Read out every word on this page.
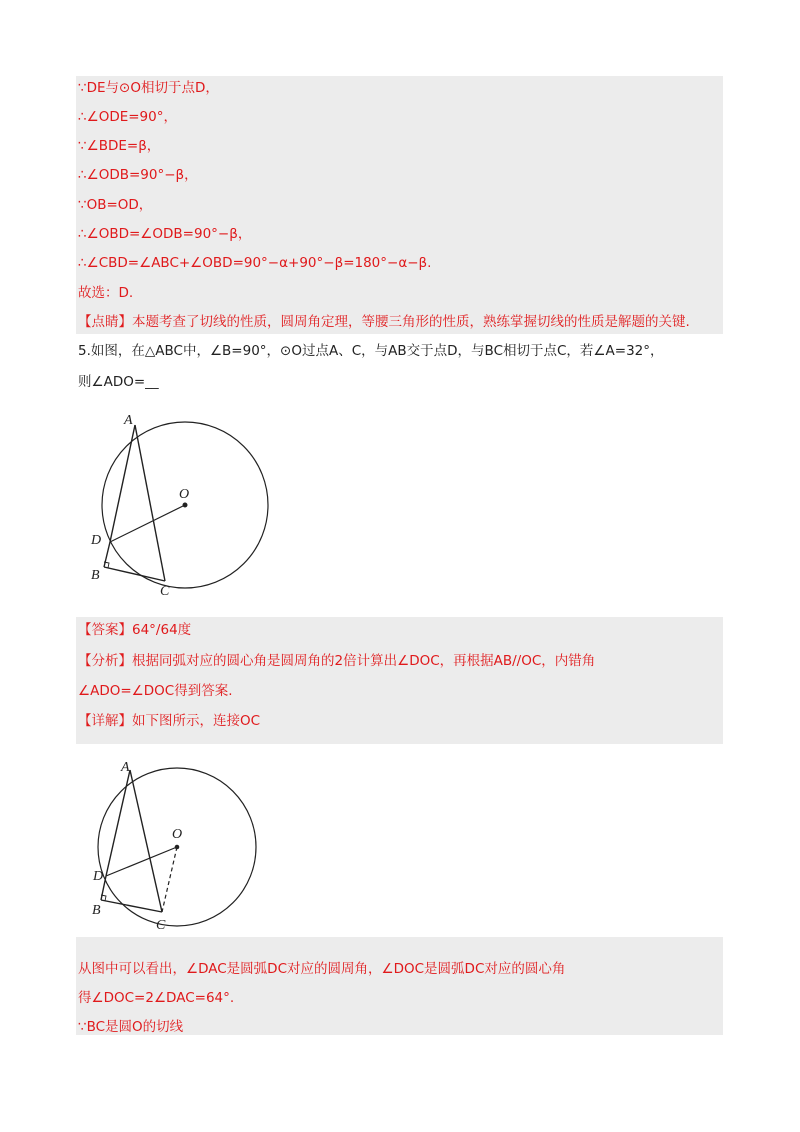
∵DE与⊙O相切于点D，
∴∠ODE=90°，
∵∠BDE=β，
∴∠ODB=90°−β，
∵OB=OD，
∴∠OBD=∠ODB=90°−β，
∴∠CBD=∠ABC+∠OBD=90°−α+90°−β=180°−α−β.
故选：D.
【点睛】本题考查了切线的性质，圆周角定理，等腰三角形的性质，熟练掌握切线的性质是解题的关键.
5.如图，在△ABC中，∠B=90°，⊙O过点A、C，与AB交于点D，与BC相切于点C，若∠A=32°，
则∠ADO=__
A
O
D
B
C
【答案】64°/64度
【分析】根据同弧对应的圆心角是圆周角的2倍计算出∠DOC，再根据AB//OC，内错角
∠ADO=∠DOC得到答案.
【详解】如下图所示，连接OC
A
O
D
B
C
从图中可以看出，∠DAC是圆弧DC对应的圆周角，∠DOC是圆弧DC对应的圆心角
得∠DOC=2∠DAC=64°.
∵BC是圆O的切线
